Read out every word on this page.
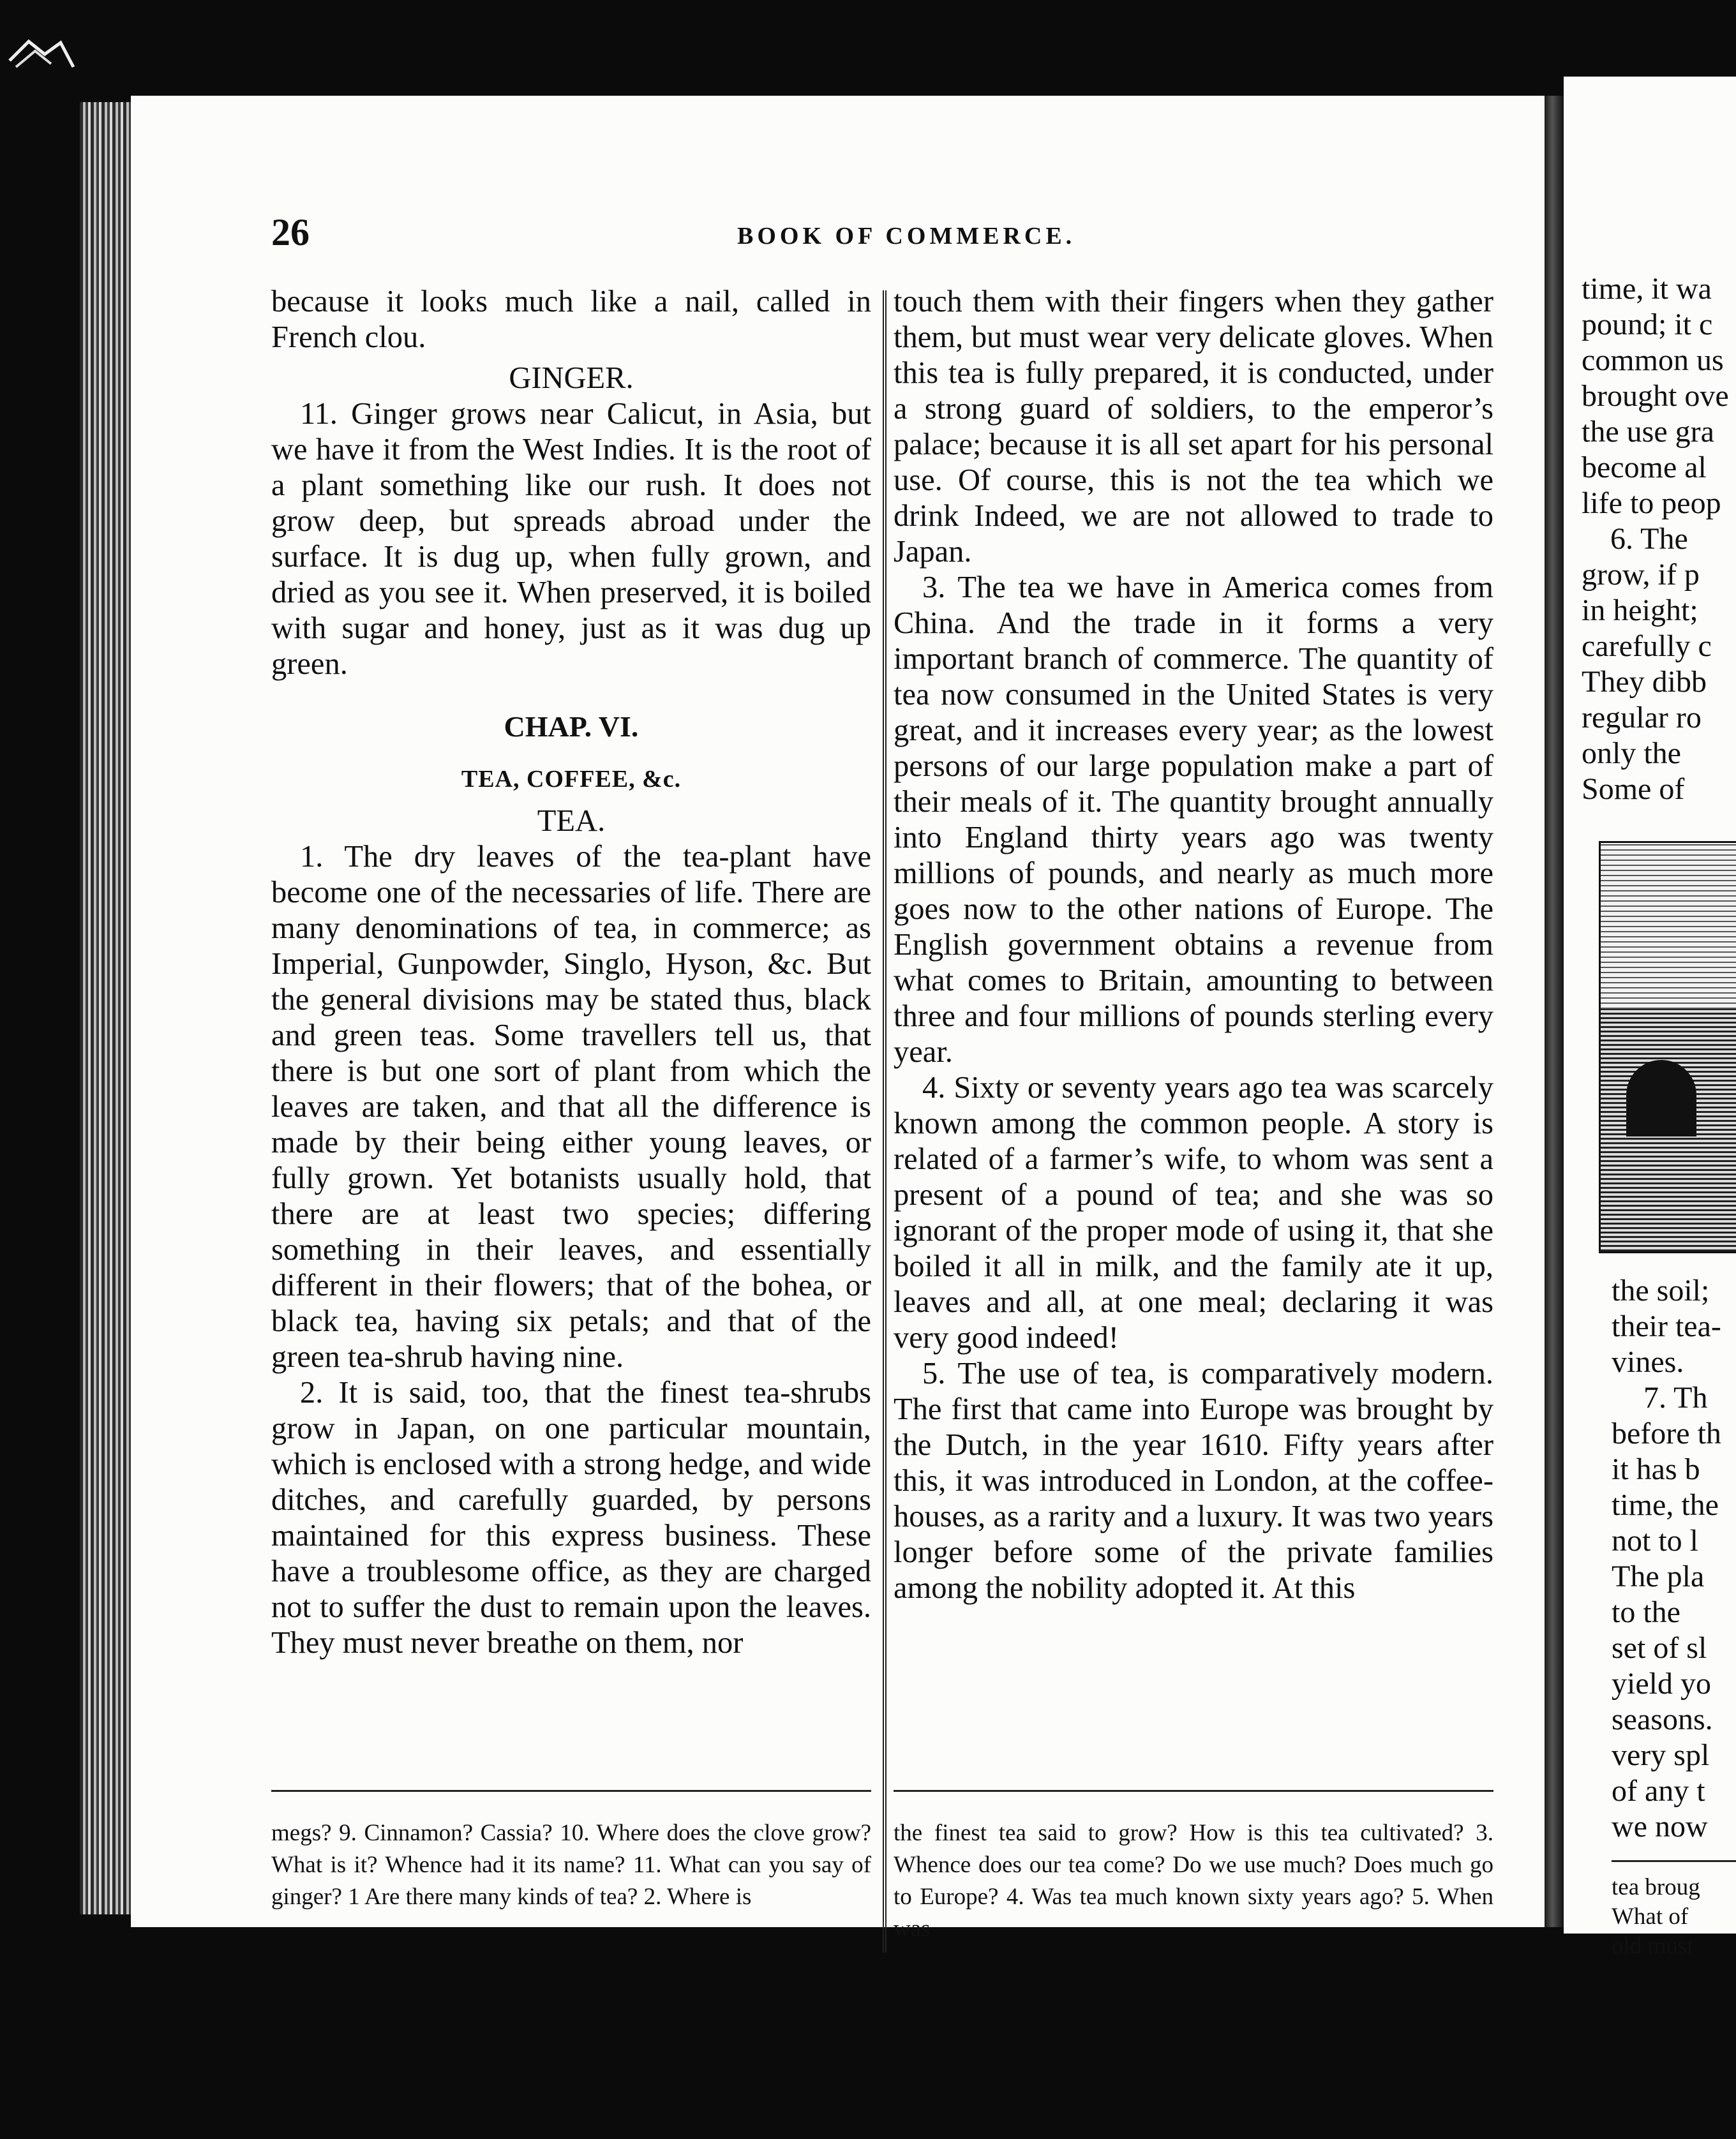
26	BOOK OF COMMERCE.

because it looks much like a nail, called in French clou.

GINGER.

11. Ginger grows near Calicut, in Asia, but we have it from the West Indies. It is the root of a plant something like our rush. It does not grow deep, but spreads abroad under the surface. It is dug up, when fully grown, and dried as you see it. When preserved, it is boiled with sugar and honey, just as it was dug up green.

CHAP. VI.

TEA, COFFEE, &c.

TEA.

1. The dry leaves of the tea-plant have become one of the necessaries of life. There are many denominations of tea, in commerce; as Imperial, Gunpowder, Singlo, Hyson, &c. But the general divisions may be stated thus, black and green teas. Some travellers tell us, that there is but one sort of plant from which the leaves are taken, and that all the difference is made by their being either young leaves, or fully grown. Yet botanists usually hold, that there are at least two species; differing something in their leaves, and essentially different in their flowers; that of the bohea, or black tea, having six petals; and that of the green tea-shrub having nine.

2. It is said, too, that the finest tea-shrubs grow in Japan, on one particular mountain, which is enclosed with a strong hedge, and wide ditches, and carefully guarded, by persons maintained for this express business. These have a troublesome office, as they are charged not to suffer the dust to remain upon the leaves. They must never breathe on them, nor

touch them with their fingers when they gather them, but must wear very delicate gloves. When this tea is fully prepared, it is conducted, under a strong guard of soldiers, to the emperor’s palace; because it is all set apart for his personal use. Of course, this is not the tea which we drink Indeed, we are not allowed to trade to Japan.

3. The tea we have in America comes from China. And the trade in it forms a very important branch of commerce. The quantity of tea now consumed in the United States is very great, and it increases every year; as the lowest persons of our large population make a part of their meals of it. The quantity brought annually into England thirty years ago was twenty millions of pounds, and nearly as much more goes now to the other nations of Europe. The English government obtains a revenue from what comes to Britain, amounting to between three and four millions of pounds sterling every year.

4. Sixty or seventy years ago tea was scarcely known among the common people. A story is related of a farmer’s wife, to whom was sent a present of a pound of tea; and she was so ignorant of the proper mode of using it, that she boiled it all in milk, and the family ate it up, leaves and all, at one meal; declaring it was very good indeed!

5. The use of tea, is comparatively modern. The first that came into Europe was brought by the Dutch, in the year 1610. Fifty years after this, it was introduced in London, at the coffee-houses, as a rarity and a luxury. It was two years longer before some of the private families among the nobility adopted it. At this

megs? 9. Cinnamon? Cassia? 10. Where does the clove grow? What is it? Whence had it its name? 11. What can you say of ginger? 1 Are there many kinds of tea? 2. Where is

the finest tea said to grow? How is this tea cultivated? 3. Whence does our tea come? Do we use much? Does much go to Europe? 4. Was tea much known sixty years ago? 5. When was

time, it wa

pound; it c

common us

brought ove

the use gra

become al

life to peop

6. The

grow, if p

in height;

carefully c

They dibb

regular ro

only the

Some of

the soil;

their tea-

vines.

7. Th

before th

it has b

time, the

not to l

The pla

to the

set of sl

yield yo

seasons.

very spl

of any t

we now

tea broug

What of

old must
